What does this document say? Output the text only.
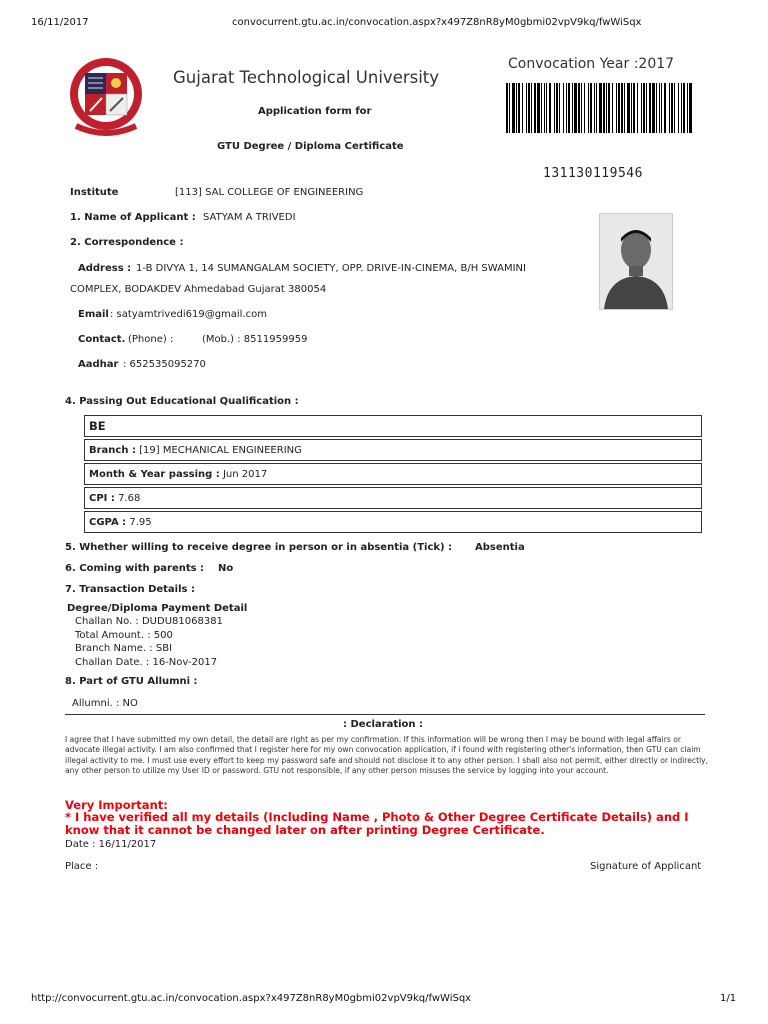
16/11/2017	convocurrent.gtu.ac.in/convocation.aspx?x497Z8nR8yM0gbmi02vpV9kq/fwWiSqx
Gujarat Technological University
Application form for
GTU Degree / Diploma Certificate
Convocation Year :2017
131130119546
Institute	[113] SAL COLLEGE OF ENGINEERING
1. Name of Applicant : SATYAM A TRIVEDI
2. Correspondence :
Address : 1-B DIVYA 1, 14 SUMANGALAM SOCIETY, OPP. DRIVE-IN-CINEMA, B/H SWAMINI
COMPLEX, BODAKDEV Ahmedabad Gujarat 380054
Email : satyamtrivedi619@gmail.com
Contact. (Phone) :	(Mob.) : 8511959959
Aadhar : 652535095270
4. Passing Out Educational Qualification :
BE
Branch : [19] MECHANICAL ENGINEERING
Month & Year passing : Jun 2017
CPI : 7.68
CGPA : 7.95
5. Whether willing to receive degree in person or in absentia (Tick) : Absentia
6. Coming with parents : No
7. Transaction Details :
Degree/Diploma Payment Detail
Challan No. : DUDU81068381
Total Amount. : 500
Branch Name. : SBI
Challan Date. : 16-Nov-2017
8. Part of GTU Allumni :
Allumni. : NO
: Declaration :
I agree that I have submitted my own detail, the detail are right as per my confirmation. If this information will be wrong then I may be bound with legal affairs or advocate illegal activity. I am also confirmed that I register here for my own convocation application, if i found with registering other's information, then GTU can claim illegal activity to me. I must use every effort to keep my password safe and should not disclose it to any other person. I shall also not permit, either directly or indirectly, any other person to utilize my User ID or password. GTU not responsible, if any other person misuses the service by logging into your account.
Very Important:
* I have verified all my details (Including Name , Photo & Other Degree Certificate Details) and I
know that it cannot be changed later on after printing Degree Certificate.
Date : 16/11/2017
Place :	Signature of Applicant
http://convocurrent.gtu.ac.in/convocation.aspx?x497Z8nR8yM0gbmi02vpV9kq/fwWiSqx	1/1
